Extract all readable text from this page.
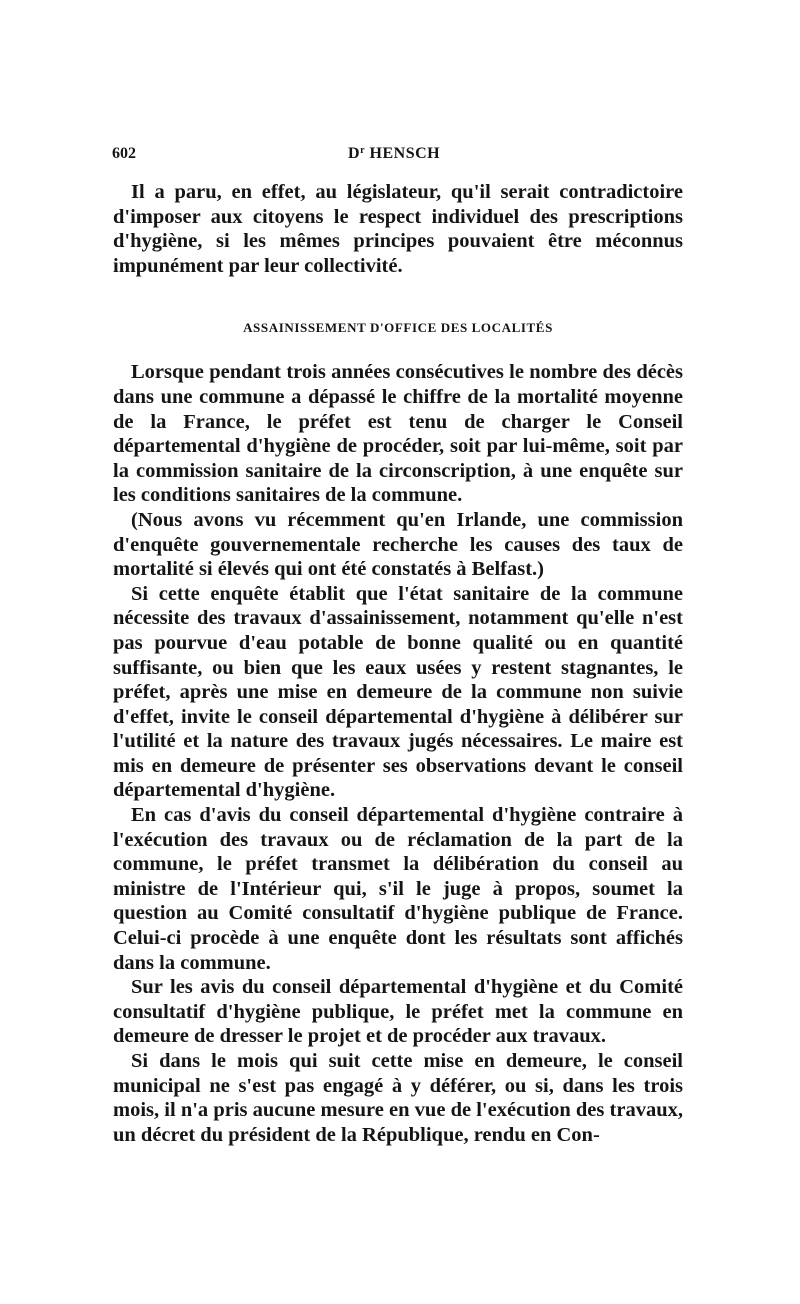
602	$D^r$ HENSCH

Il a paru, en effet, au législateur, qu'il serait contradictoire d'imposer aux citoyens le respect individuel des prescriptions d'hygiène, si les mêmes principes pouvaient être méconnus impunément par leur collectivité.

ASSAINISSEMENT D'OFFICE DES LOCALITÉS

Lorsque pendant trois années consécutives le nombre des décès dans une commune a dépassé le chiffre de la mortalité moyenne de la France, le préfet est tenu de charger le Conseil départemental d'hygiène de procéder, soit par lui-même, soit par la commission sanitaire de la circonscription, à une enquête sur les conditions sanitaires de la commune.

(Nous avons vu récemment qu'en Irlande, une commission d'enquête gouvernementale recherche les causes des taux de mortalité si élevés qui ont été constatés à Belfast.)

Si cette enquête établit que l'état sanitaire de la commune nécessite des travaux d'assainissement, notamment qu'elle n'est pas pourvue d'eau potable de bonne qualité ou en quantité suffisante, ou bien que les eaux usées y restent stagnantes, le préfet, après une mise en demeure de la commune non suivie d'effet, invite le conseil départemental d'hygiène à délibérer sur l'utilité et la nature des travaux jugés nécessaires. Le maire est mis en demeure de présenter ses observations devant le conseil départemental d'hygiène.

En cas d'avis du conseil départemental d'hygiène contraire à l'exécution des travaux ou de réclamation de la part de la commune, le préfet transmet la délibération du conseil au ministre de l'Intérieur qui, s'il le juge à propos, soumet la question au Comité consultatif d'hygiène publique de France. Celui-ci procède à une enquête dont les résultats sont affichés dans la commune.

Sur les avis du conseil départemental d'hygiène et du Comité consultatif d'hygiène publique, le préfet met la commune en demeure de dresser le projet et de procéder aux travaux.

Si dans le mois qui suit cette mise en demeure, le conseil municipal ne s'est pas engagé à y déférer, ou si, dans les trois mois, il n'a pris aucune mesure en vue de l'exécution des travaux, un décret du président de la République, rendu en Con-
